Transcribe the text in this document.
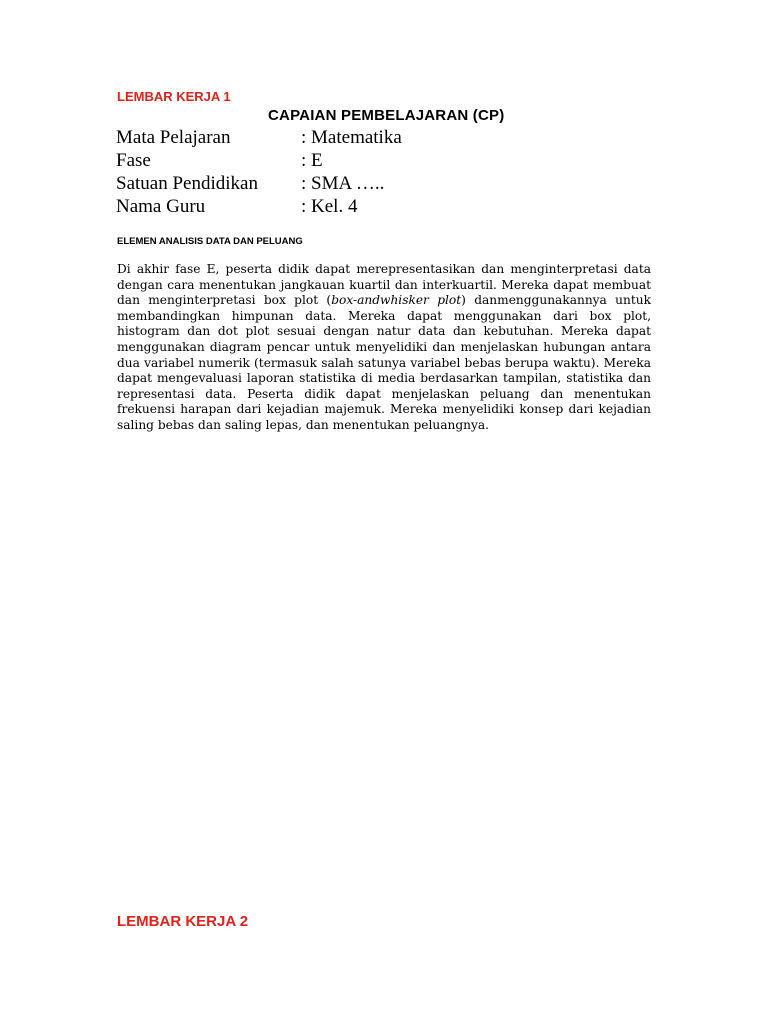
LEMBAR KERJA 1
CAPAIAN PEMBELAJARAN (CP)
Mata Pelajaran	: Matematika
Fase	: E
Satuan Pendidikan	: SMA …..
Nama Guru	: Kel. 4
ELEMEN ANALISIS DATA DAN PELUANG

Di akhir fase E, peserta didik dapat merepresentasikan dan menginterpretasi data dengan cara menentukan jangkauan kuartil dan interkuartil. Mereka dapat membuat dan menginterpretasi box plot (box-andwhisker plot) danmenggunakannya untuk membandingkan himpunan data. Mereka dapat menggunakan dari box plot, histogram dan dot plot sesuai dengan natur data dan kebutuhan. Mereka dapat menggunakan diagram pencar untuk menyelidiki dan menjelaskan hubungan antara dua variabel numerik (termasuk salah satunya variabel bebas berupa waktu). Mereka dapat mengevaluasi laporan statistika di media berdasarkan tampilan, statistika dan representasi data. Peserta didik dapat menjelaskan peluang dan menentukan frekuensi harapan dari kejadian majemuk. Mereka menyelidiki konsep dari kejadian saling bebas dan saling lepas, dan menentukan peluangnya.

LEMBAR KERJA 2
